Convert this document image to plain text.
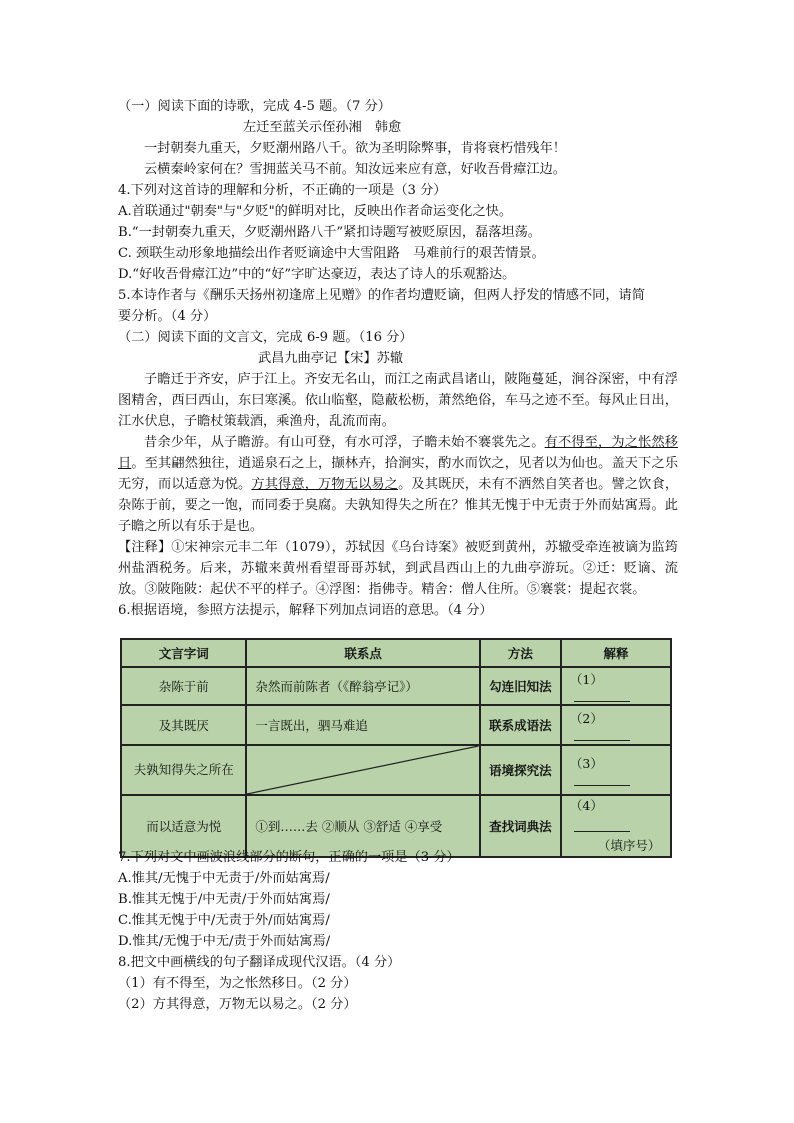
（一）阅读下面的诗歌，完成 4-5 题。（7 分）
左迁至蓝关示侄孙湘　韩愈
一封朝奏九重天，夕贬潮州路八千。欲为圣明除弊事，肯将衰朽惜残年！
云横秦岭家何在？雪拥蓝关马不前。知汝远来应有意，好收吾骨瘴江边。
4.下列对这首诗的理解和分析，不正确的一项是（3 分）
A.首联通过"朝奏"与"夕贬"的鲜明对比，反映出作者命运变化之快。
B.“一封朝奏九重天，夕贬潮州路八千”紧扣诗题写被贬原因，磊落坦荡。
C. 颈联生动形象地描绘出作者贬谪途中大雪阻路　马难前行的艰苦情景。
D.“好收吾骨瘴江边”中的“好”字旷达豪迈，表达了诗人的乐观豁达。
5.本诗作者与《酬乐天扬州初逢席上见赠》的作者均遭贬谪，但两人抒发的情感不同，请简
要分析。（4 分）
（二）阅读下面的文言文，完成 6-9 题。（16 分）
武昌九曲亭记【宋】苏辙
子瞻迁于齐安，庐于江上。齐安无名山，而江之南武昌诸山，陂陁蔓延，涧谷深密，中有浮图精舍，西曰西山，东曰寒溪。依山临壑，隐蔽松枥，萧然绝俗，车马之迹不至。每风止日出，江水伏息，子瞻杖策载酒，乘渔舟，乱流而南。
昔余少年，从子瞻游。有山可登，有水可浮，子瞻未始不褰裳先之。有不得至，为之怅然移日。至其翩然独往，逍遥泉石之上，撷林卉，拾涧实，酌水而饮之，见者以为仙也。盖天下之乐无穷，而以适意为悦。方其得意，万物无以易之。及其既厌，未有不洒然自笑者也。譬之饮食，杂陈于前，要之一饱，而同委于臭腐。夫孰知得失之所在？惟其无愧于中无责于外而姑寓焉。此子瞻之所以有乐于是也。
【注释】①宋神宗元丰二年（1079），苏轼因《乌台诗案》被贬到黄州，苏辙受牵连被谪为监筠州盐酒税务。后来，苏辙来黄州看望哥哥苏轼，到武昌西山上的九曲亭游玩。②迁：贬谪、流放。③陂陁陂：起伏不平的样子。④浮图：指佛寺。精舍：僧人住所。⑤褰裳：提起衣裳。
6.根据语境，参照方法提示，解释下列加点词语的意思。（4 分）
文言字词	联系点	方法	解释
杂陈于前	杂然而前陈者（《醉翁亭记》）	勾连旧知法	（1）
及其既厌	一言既出，驷马难追	联系成语法	（2）
夫孰知得失之所在		语境探究法	（3）
而以适意为悦	①到……去 ②顺从 ③舒适 ④享受	查找词典法	（4）
（填序号）
7.下列对文中画波浪线部分的断句，正确的一项是（3 分）
A.惟其/无愧于中无责于/外而姑寓焉/
B.惟其无愧于/中无责/于外而姑寓焉/
C.惟其无愧于中/无责于外/而姑寓焉/
D.惟其/无愧于中无/责于外而姑寓焉/
8.把文中画横线的句子翻译成现代汉语。（4 分）
（1）有不得至，为之怅然移日。（2 分）
（2）方其得意，万物无以易之。（2 分）
